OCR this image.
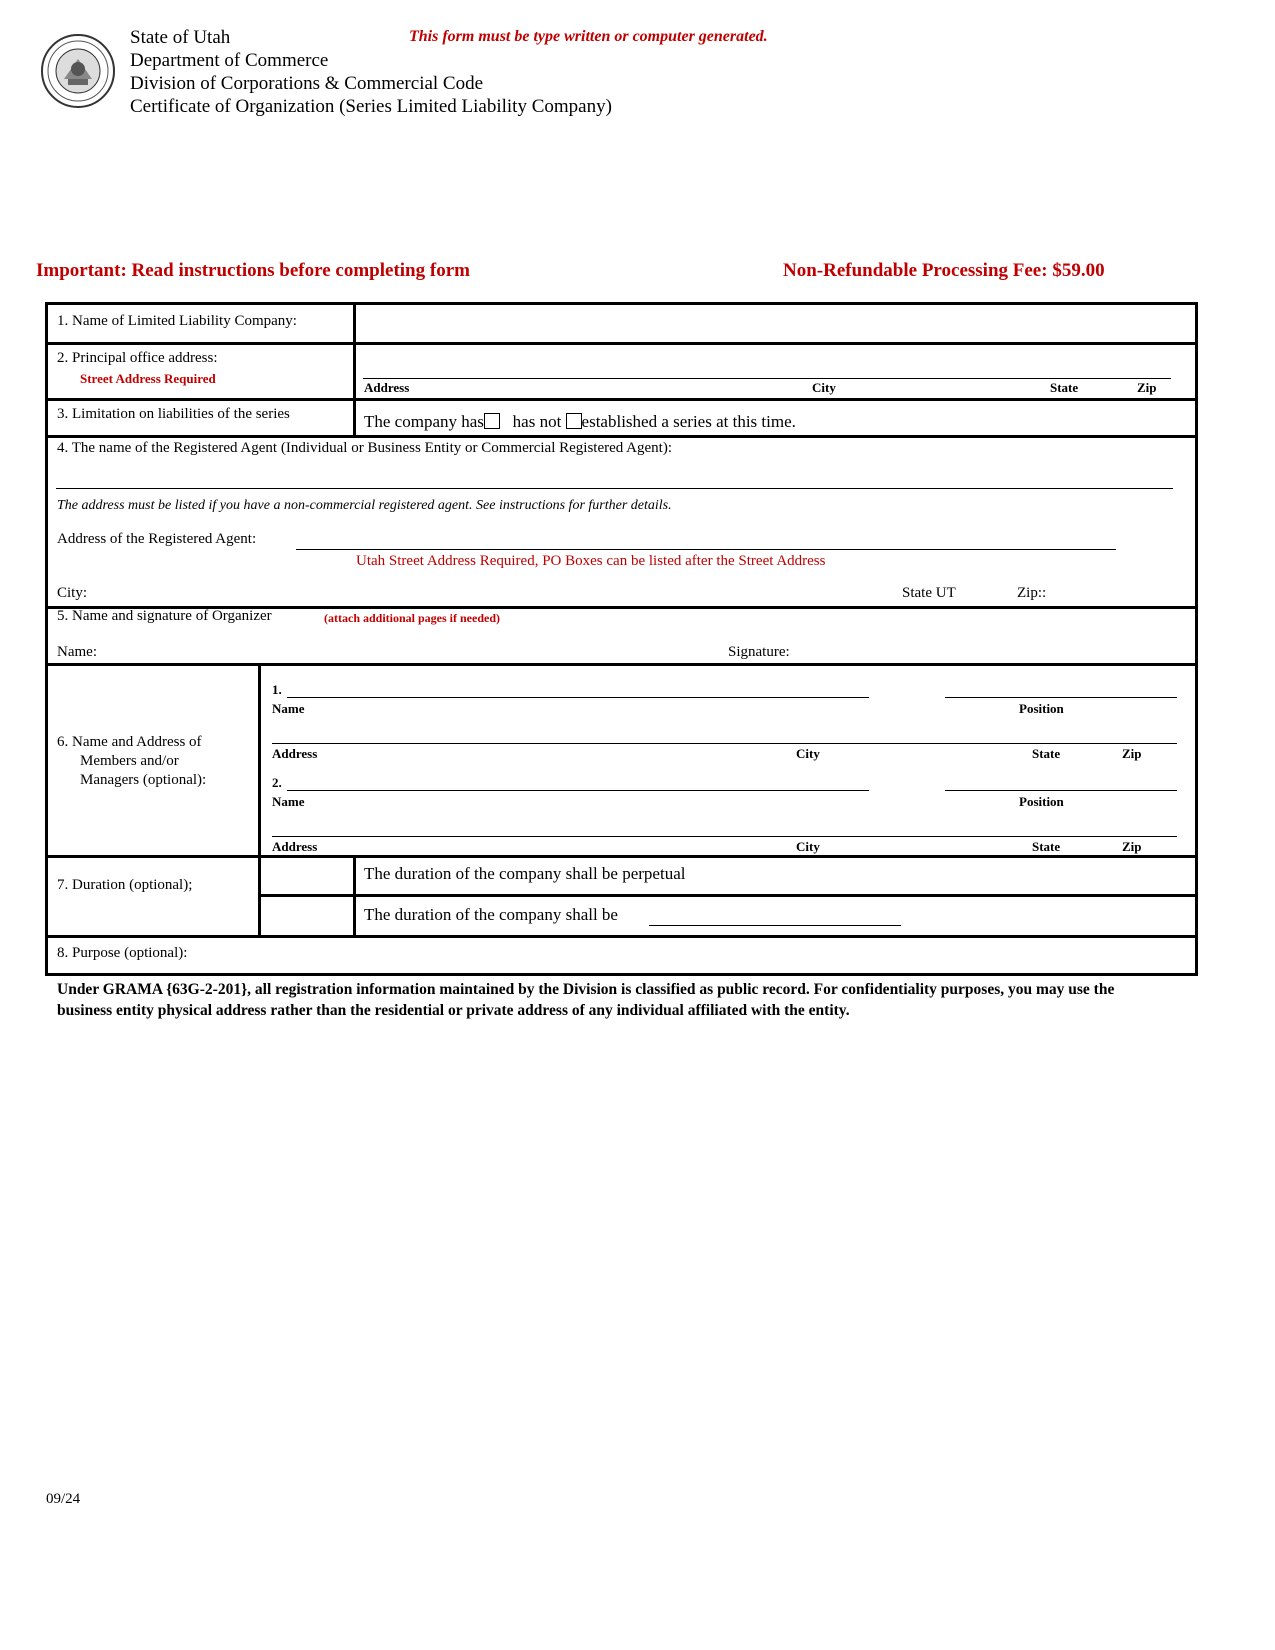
State of Utah
Department of Commerce
Division of Corporations & Commercial Code
Certificate of Organization (Series Limited Liability Company)
This form must be type written or computer generated.
Important: Read instructions before completing form	Non-Refundable Processing Fee: $59.00
1. Name of Limited Liability Company:
2. Principal office address:
Street Address Required
Address	City	State	Zip
3. Limitation on liabilities of the series	The company has has not established a series at this time.
4. The name of the Registered Agent (Individual or Business Entity or Commercial Registered Agent):
The address must be listed if you have a non-commercial registered agent. See instructions for further details.
Address of the Registered Agent:
Utah Street Address Required, PO Boxes can be listed after the Street Address
City:	State UT	Zip::
5. Name and signature of Organizer	(attach additional pages if needed)
Name:	Signature:
6. Name and Address of
Members and/or
Managers (optional):
1.
Name	Position
Address	City	State	Zip
2.
Name	Position
Address	City	State	Zip
7. Duration (optional);
The duration of the company shall be perpetual
The duration of the company shall be
8. Purpose (optional):
Under GRAMA {63G-2-201}, all registration information maintained by the Division is classified as public record. For confidentiality purposes, you may use the business entity physical address rather than the residential or private address of any individual affiliated with the entity.
09/24
